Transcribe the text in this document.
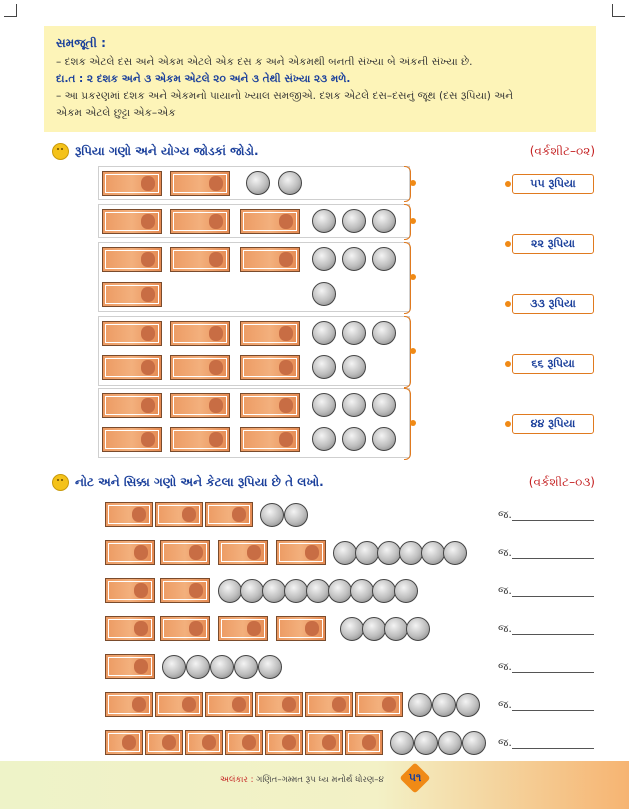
સમજૂતી :
– દશક એટલે દસ અને એકમ એટલે એક દસ ક અને એકમથી બનતી સંખ્યા બે અંકની સંખ્યા છે.
દા.ત : ૨ દશક અને ૩ એકમ એટલે ૨૦ અને ૩ તેથી સંખ્યા ૨૩ મળે.
– આ પ્રકરણમાં દશક અને એકમનો પાયાનો ખ્યાલ સમજીએ. દશક એટલે દસ–દસનું જૂથ (દસ રૂપિયા) અને
એકમ એટલે છુટ્ટા એક–એક
રૂપિયા ગણો અને યોગ્ય જોડકાં જોડો.	(વર્કશીટ–૦૨)
૫૫ રૂપિયા
૨૨ રૂપિયા
૩૩ રૂપિયા
૬૬ રૂપિયા
૪૪ રૂપિયા
નોટ અને સિક્કા ગણો અને કેટલા રૂપિયા છે તે લખો.	(વર્કશીટ–૦૩)
જ.
જ.
જ.
જ.
જ.
જ.
જ.
અલંકાર : ગણિત–ગમ્મત રૂપ ધ્ય મનોર્થ ધોરણ–૪	૫૧
